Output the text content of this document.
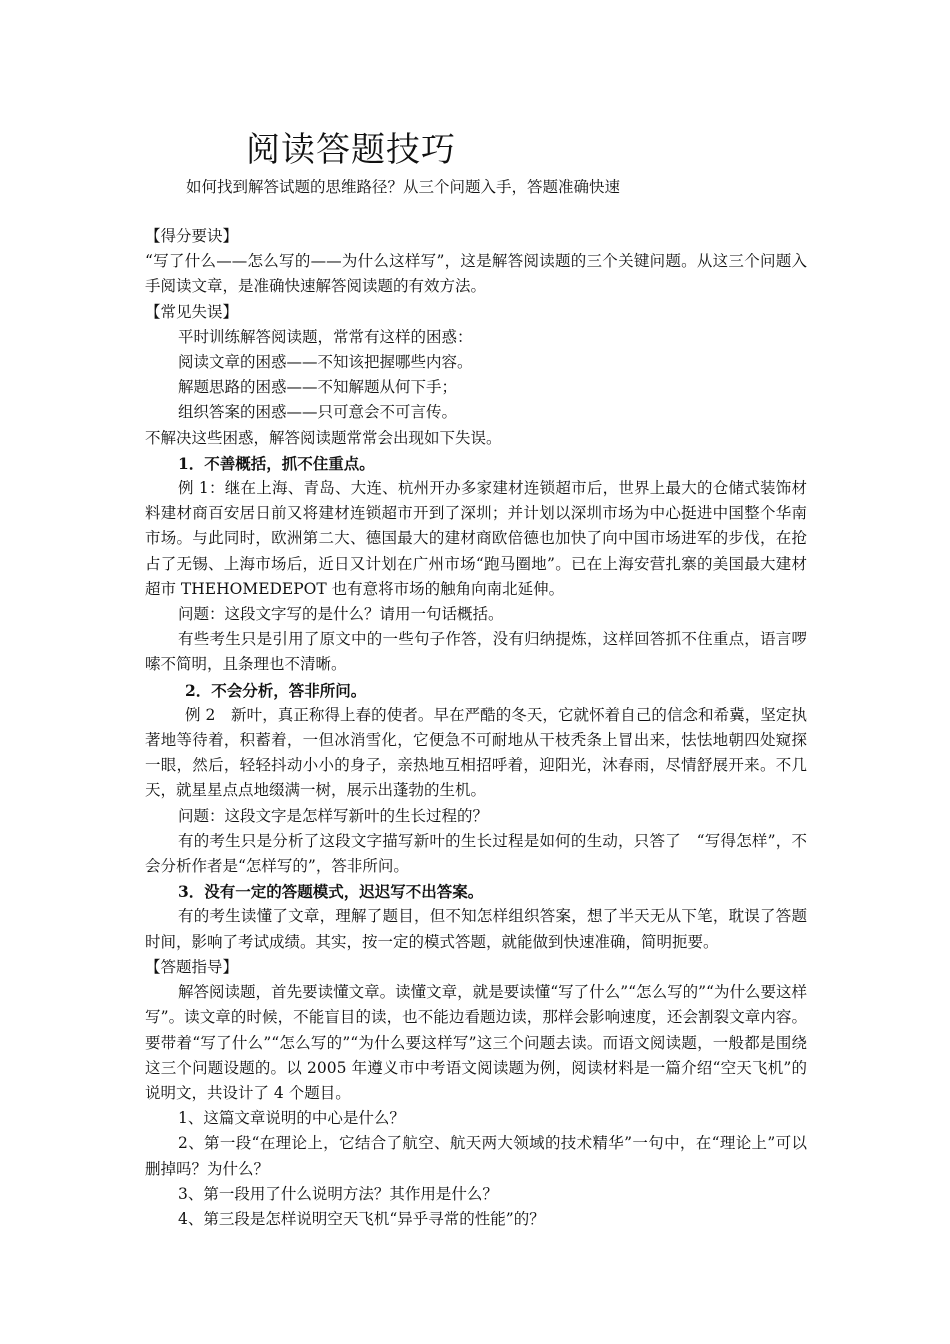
阅读答题技巧
如何找到解答试题的思维路径？从三个问题入手，答题准确快速

【得分要诀】

“写了什么——怎么写的——为什么这样写”，这是解答阅读题的三个关键问题。从这三个问题入手阅读文章，是准确快速解答阅读题的有效方法。

【常见失误】

平时训练解答阅读题，常常有这样的困惑：

阅读文章的困惑——不知该把握哪些内容。

解题思路的困惑——不知解题从何下手；

组织答案的困惑——只可意会不可言传。

不解决这些困惑，解答阅读题常常会出现如下失误。

1．不善概括，抓不住重点。

例 1：继在上海、青岛、大连、杭州开办多家建材连锁超市后，世界上最大的仓储式装饰材料建材商百安居日前又将建材连锁超市开到了深圳；并计划以深圳市场为中心挺进中国整个华南市场。与此同时，欧洲第二大、德国最大的建材商欧倍德也加快了向中国市场进军的步伐，在抢占了无锡、上海市场后，近日又计划在广州市场“跑马圈地”。已在上海安营扎寨的美国最大建材超市 THEHOMEDEPOT 也有意将市场的触角向南北延伸。

问题：这段文字写的是什么？请用一句话概括。

有些考生只是引用了原文中的一些句子作答，没有归纳提炼，这样回答抓不住重点，语言啰嗦不简明，且条理也不清晰。

2．不会分析，答非所问。

例 2　新叶，真正称得上春的使者。早在严酷的冬天，它就怀着自己的信念和希冀，坚定执著地等待着，积蓄着，一但冰消雪化，它便急不可耐地从干枝秃条上冒出来，怯怯地朝四处窥探一眼，然后，轻轻抖动小小的身子，亲热地互相招呼着，迎阳光，沐春雨，尽情舒展开来。不几天，就星星点点地缀满一树，展示出蓬勃的生机。

问题：这段文字是怎样写新叶的生长过程的？

有的考生只是分析了这段文字描写新叶的生长过程是如何的生动，只答了　“写得怎样”，不会分析作者是“怎样写的”，答非所问。

3．没有一定的答题模式，迟迟写不出答案。

有的考生读懂了文章，理解了题目，但不知怎样组织答案，想了半天无从下笔，耽误了答题时间，影响了考试成绩。其实，按一定的模式答题，就能做到快速准确，简明扼要。

【答题指导】

解答阅读题，首先要读懂文章。读懂文章，就是要读懂“写了什么”“怎么写的”“为什么要这样写”。读文章的时候，不能盲目的读，也不能边看题边读，那样会影响速度，还会割裂文章内容。要带着“写了什么”“怎么写的”“为什么要这样写”这三个问题去读。而语文阅读题，一般都是围绕这三个问题设题的。以 2005 年遵义市中考语文阅读题为例，阅读材料是一篇介绍“空天飞机”的说明文，共设计了 4 个题目。

1、这篇文章说明的中心是什么？

2、第一段“在理论上，它结合了航空、航天两大领域的技术精华”一句中，在“理论上”可以删掉吗？为什么？

3、第一段用了什么说明方法？其作用是什么？

4、第三段是怎样说明空天飞机“异乎寻常的性能”的？
